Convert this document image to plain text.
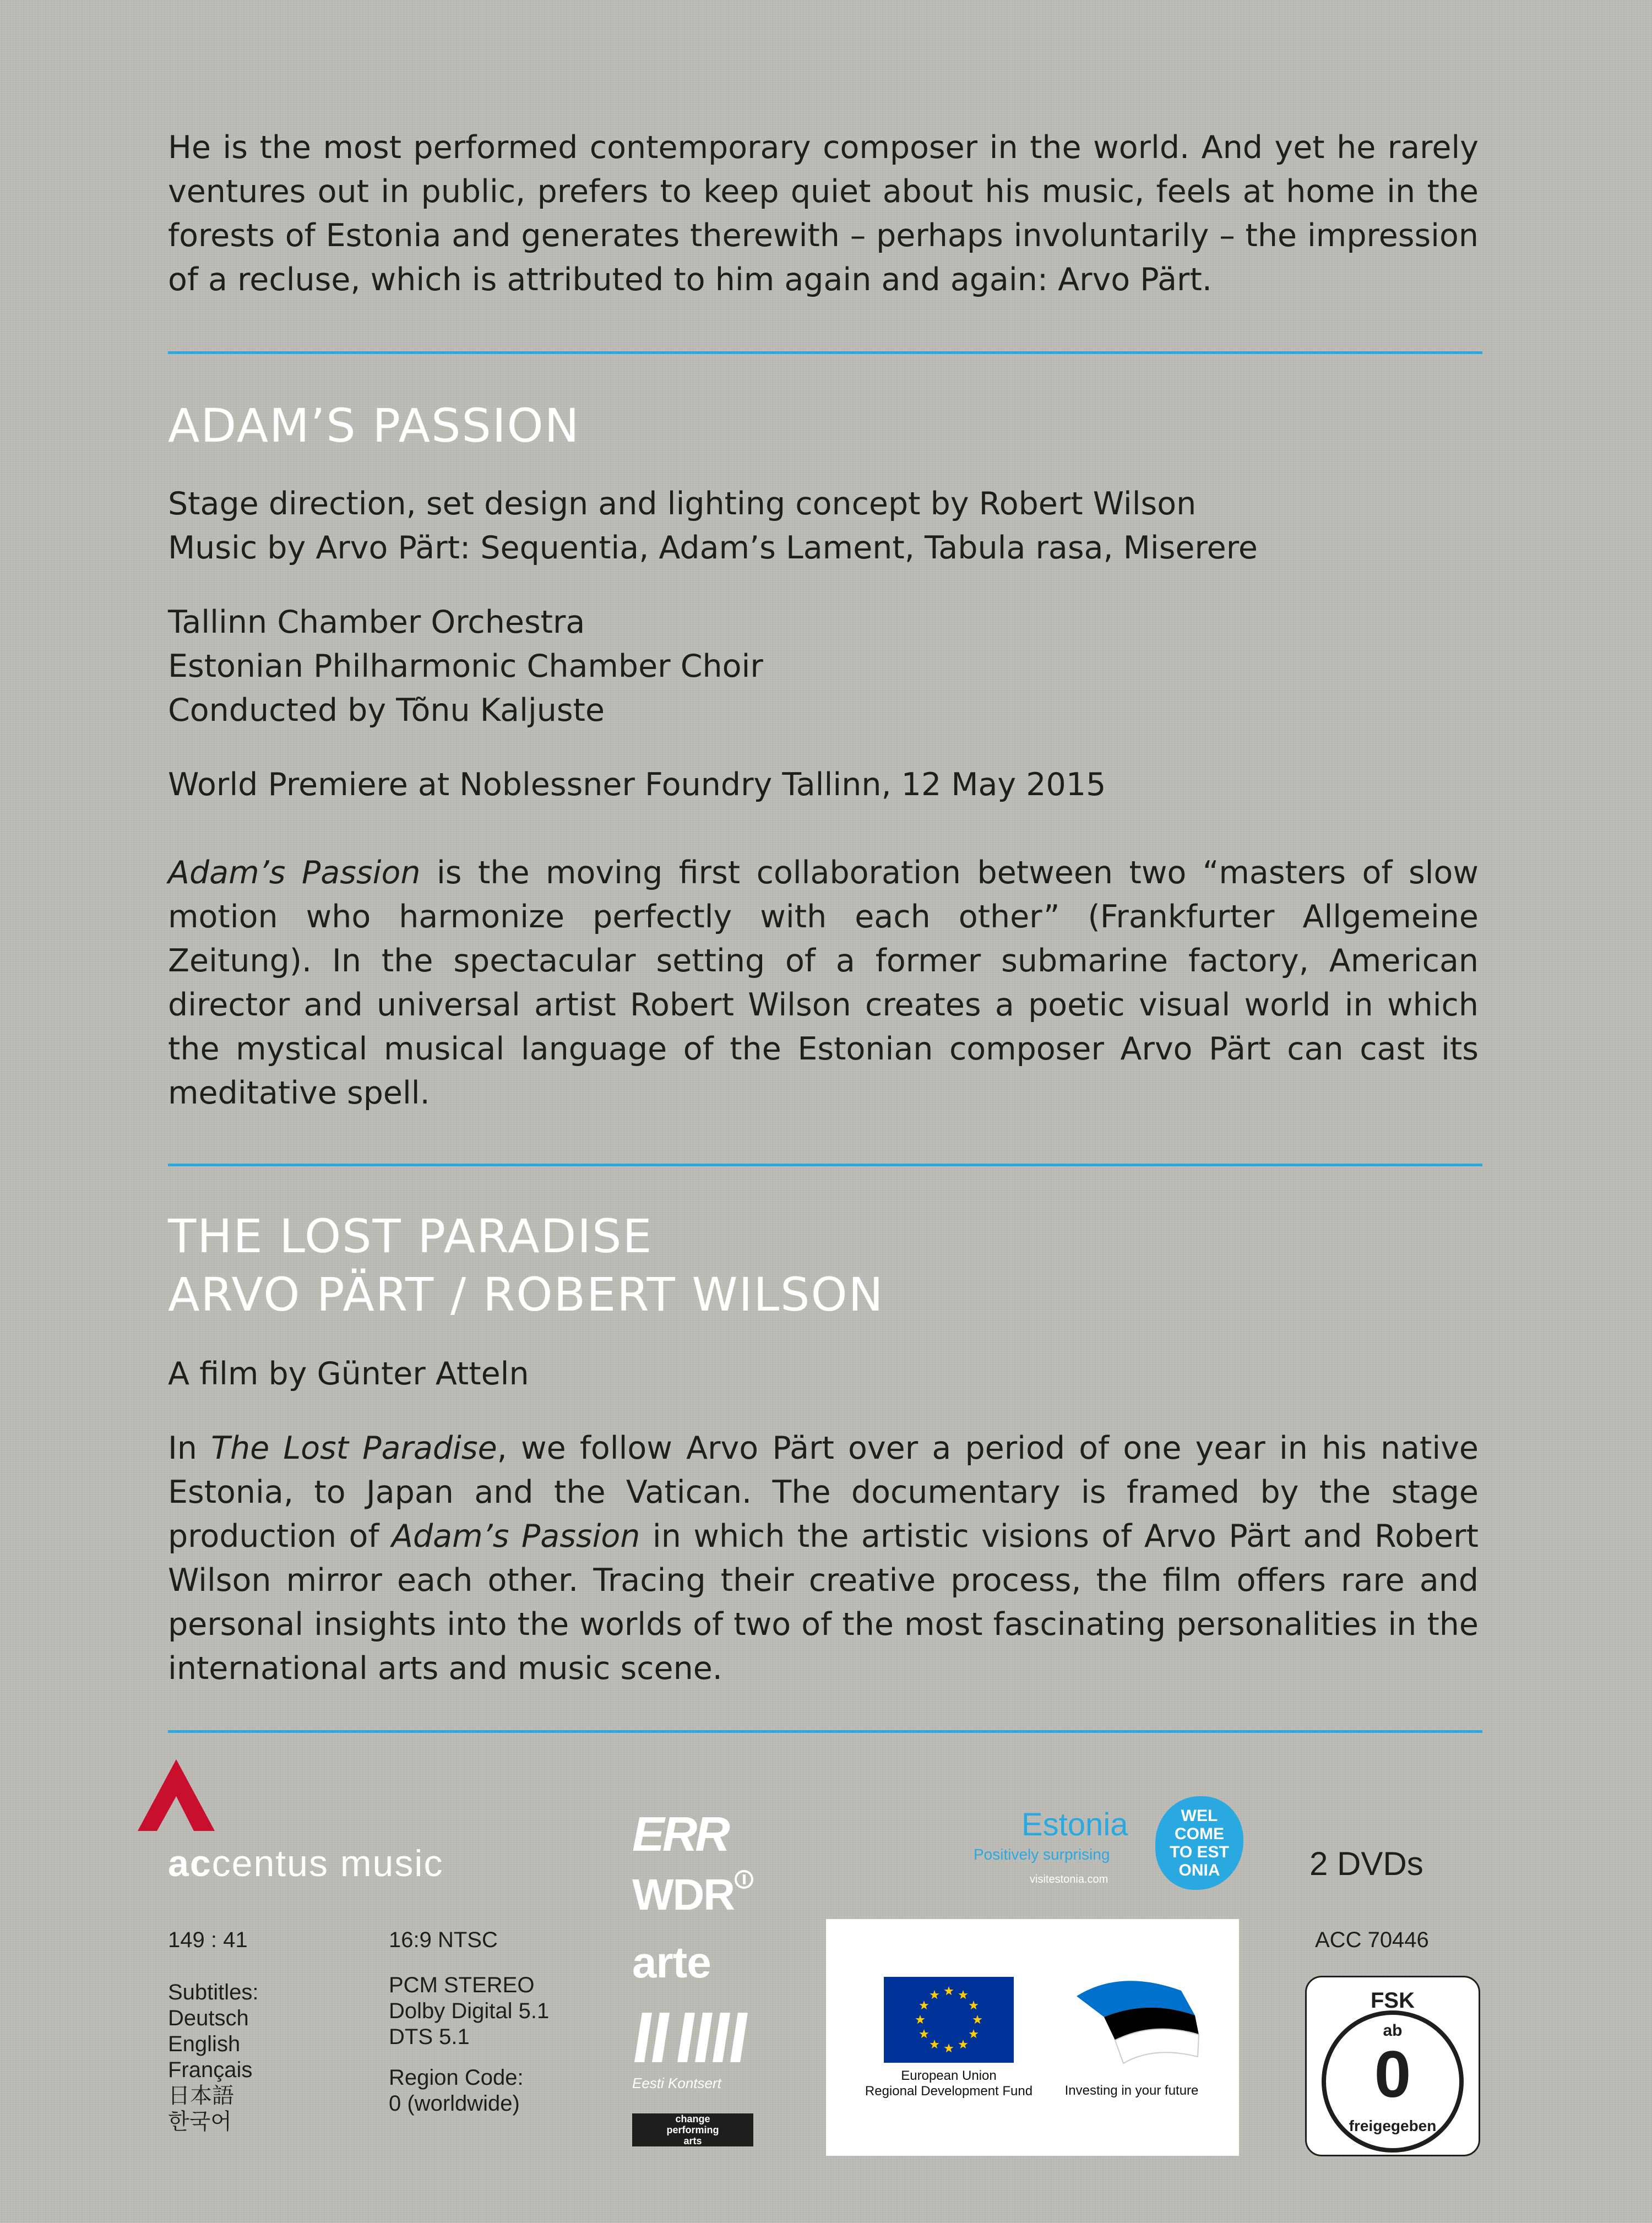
He is the most performed contemporary composer in the world. And yet he rarely ventures out in public, prefers to keep quiet about his music, feels at home in the forests of Estonia and generates therewith – perhaps involuntarily – the impression of a recluse, which is attributed to him again and again: Arvo Pärt.
ADAM’S PASSION
Stage direction, set design and lighting concept by Robert Wilson
Music by Arvo Pärt: Sequentia, Adam’s Lament, Tabula rasa, Miserere
Tallinn Chamber Orchestra
Estonian Philharmonic Chamber Choir
Conducted by Tõnu Kaljuste
World Premiere at Noblessner Foundry Tallinn, 12 May 2015
Adam’s Passion is the moving first collaboration between two “masters of slow motion who harmonize perfectly with each other” (Frankfurter Allgemeine Zeitung). In the spectacular setting of a former submarine factory, American director and universal artist Robert Wilson creates a poetic visual world in which the mystical musical language of the Estonian composer Arvo Pärt can cast its meditative spell.
THE LOST PARADISE
ARVO PÄRT / ROBERT WILSON
A film by Günter Atteln
In The Lost Paradise, we follow Arvo Pärt over a period of one year in his native Estonia, to Japan and the Vatican. The documentary is framed by the stage production of Adam’s Passion in which the artistic visions of Arvo Pärt and Robert Wilson mirror each other. Tracing their creative process, the film offers rare and personal insights into the worlds of two of the most fascinating personalities in the international arts and music scene.
accentus music
149 : 41
Subtitles:
Deutsch
English
Français
日本語
한국어
16:9 NTSC
PCM STEREO
Dolby Digital 5.1
DTS 5.1
Region Code:
0 (worldwide)
ERR
WDR
arte
Eesti Kontsert
change
performing
arts
Estonia
Positively surprising
visitestonia.com
WEL
COME
TO EST
ONIA
European Union
Regional Development Fund	Investing in your future
2 DVDs
ACC 70446
FSK
ab
0
freigegeben
